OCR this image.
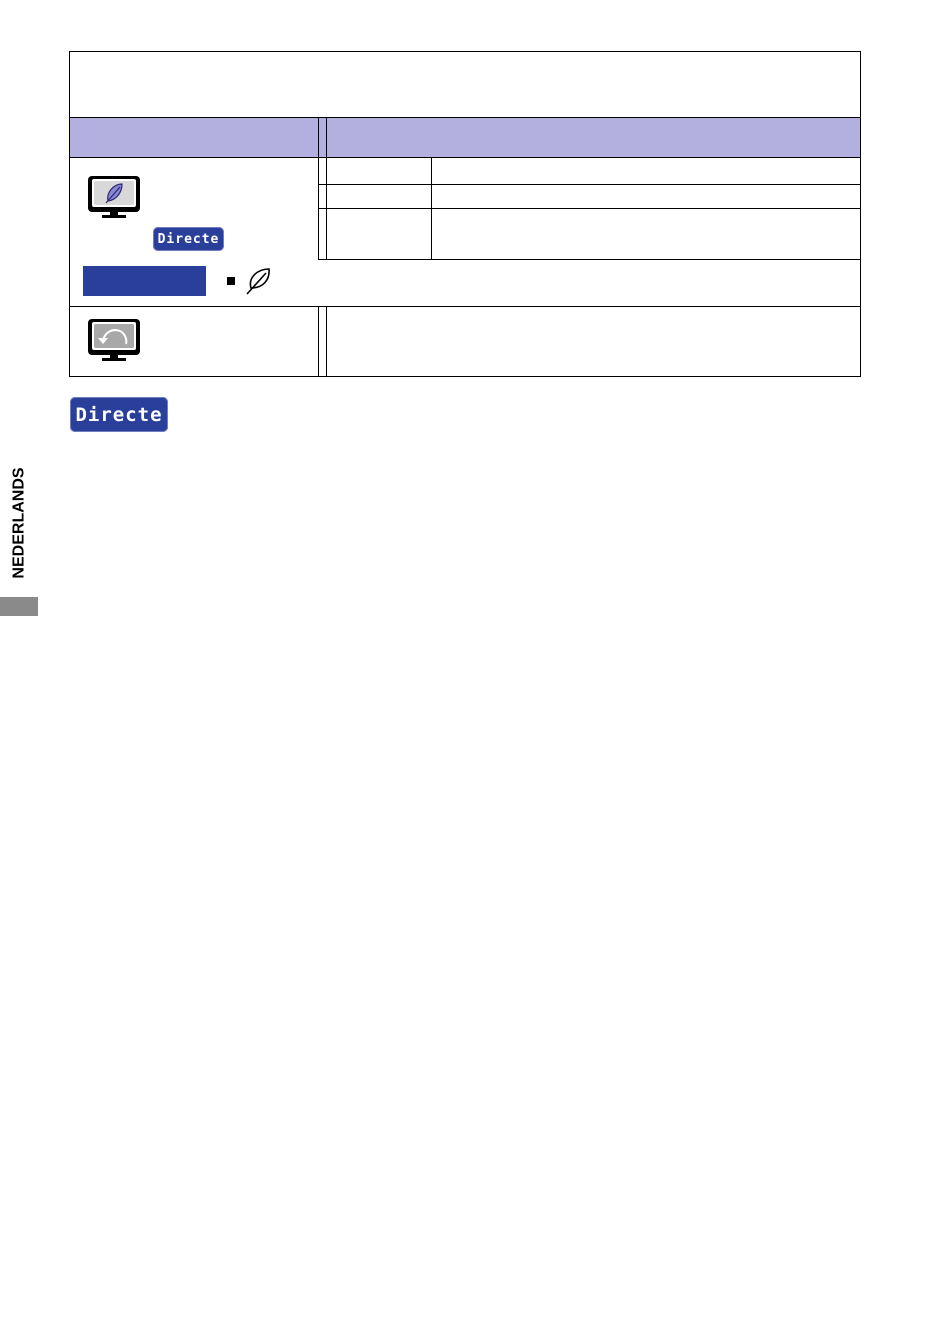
Directe
Directe
NEDERLANDS
